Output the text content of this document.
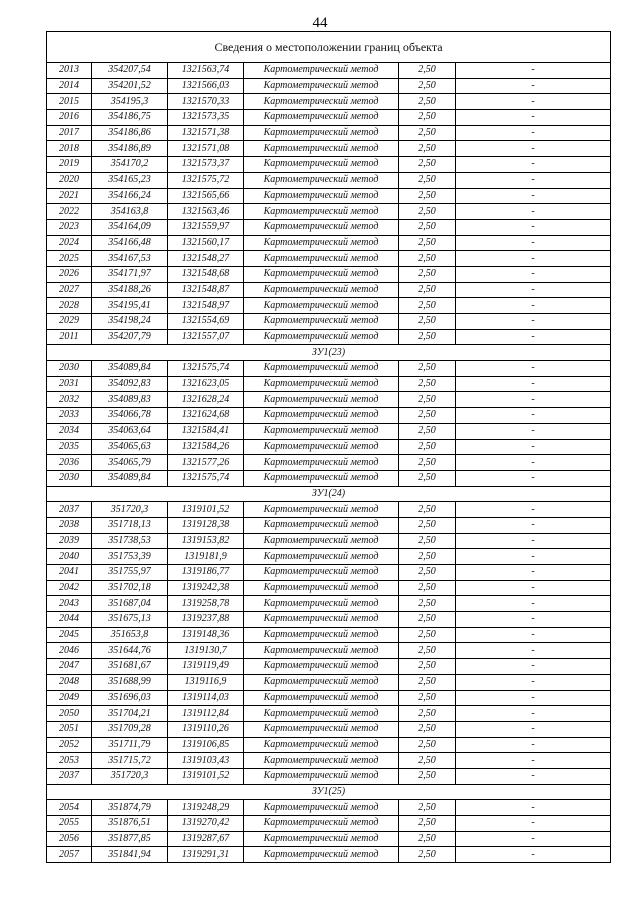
44
Сведения о местоположении границ объекта					
2013	354207,54	1321563,74	Картометрический метод	2,50	-
2014	354201,52	1321566,03	Картометрический метод	2,50	-
2015	354195,3	1321570,33	Картометрический метод	2,50	-
2016	354186,75	1321573,35	Картометрический метод	2,50	-
2017	354186,86	1321571,38	Картометрический метод	2,50	-
2018	354186,89	1321571,08	Картометрический метод	2,50	-
2019	354170,2	1321573,37	Картометрический метод	2,50	-
2020	354165,23	1321575,72	Картометрический метод	2,50	-
2021	354166,24	1321565,66	Картометрический метод	2,50	-
2022	354163,8	1321563,46	Картометрический метод	2,50	-
2023	354164,09	1321559,97	Картометрический метод	2,50	-
2024	354166,48	1321560,17	Картометрический метод	2,50	-
2025	354167,53	1321548,27	Картометрический метод	2,50	-
2026	354171,97	1321548,68	Картометрический метод	2,50	-
2027	354188,26	1321548,87	Картометрический метод	2,50	-
2028	354195,41	1321548,97	Картометрический метод	2,50	-
2029	354198,24	1321554,69	Картометрический метод	2,50	-
2011	354207,79	1321557,07	Картометрический метод	2,50	-
ЗУ1(23)					
2030	354089,84	1321575,74	Картометрический метод	2,50	-
2031	354092,83	1321623,05	Картометрический метод	2,50	-
2032	354089,83	1321628,24	Картометрический метод	2,50	-
2033	354066,78	1321624,68	Картометрический метод	2,50	-
2034	354063,64	1321584,41	Картометрический метод	2,50	-
2035	354065,63	1321584,26	Картометрический метод	2,50	-
2036	354065,79	1321577,26	Картометрический метод	2,50	-
2030	354089,84	1321575,74	Картометрический метод	2,50	-
ЗУ1(24)					
2037	351720,3	1319101,52	Картометрический метод	2,50	-
2038	351718,13	1319128,38	Картометрический метод	2,50	-
2039	351738,53	1319153,82	Картометрический метод	2,50	-
2040	351753,39	1319181,9	Картометрический метод	2,50	-
2041	351755,97	1319186,77	Картометрический метод	2,50	-
2042	351702,18	1319242,38	Картометрический метод	2,50	-
2043	351687,04	1319258,78	Картометрический метод	2,50	-
2044	351675,13	1319237,88	Картометрический метод	2,50	-
2045	351653,8	1319148,36	Картометрический метод	2,50	-
2046	351644,76	1319130,7	Картометрический метод	2,50	-
2047	351681,67	1319119,49	Картометрический метод	2,50	-
2048	351688,99	1319116,9	Картометрический метод	2,50	-
2049	351696,03	1319114,03	Картометрический метод	2,50	-
2050	351704,21	1319112,84	Картометрический метод	2,50	-
2051	351709,28	1319110,26	Картометрический метод	2,50	-
2052	351711,79	1319106,85	Картометрический метод	2,50	-
2053	351715,72	1319103,43	Картометрический метод	2,50	-
2037	351720,3	1319101,52	Картометрический метод	2,50	-
ЗУ1(25)					
2054	351874,79	1319248,29	Картометрический метод	2,50	-
2055	351876,51	1319270,42	Картометрический метод	2,50	-
2056	351877,85	1319287,67	Картометрический метод	2,50	-
2057	351841,94	1319291,31	Картометрический метод	2,50	-
